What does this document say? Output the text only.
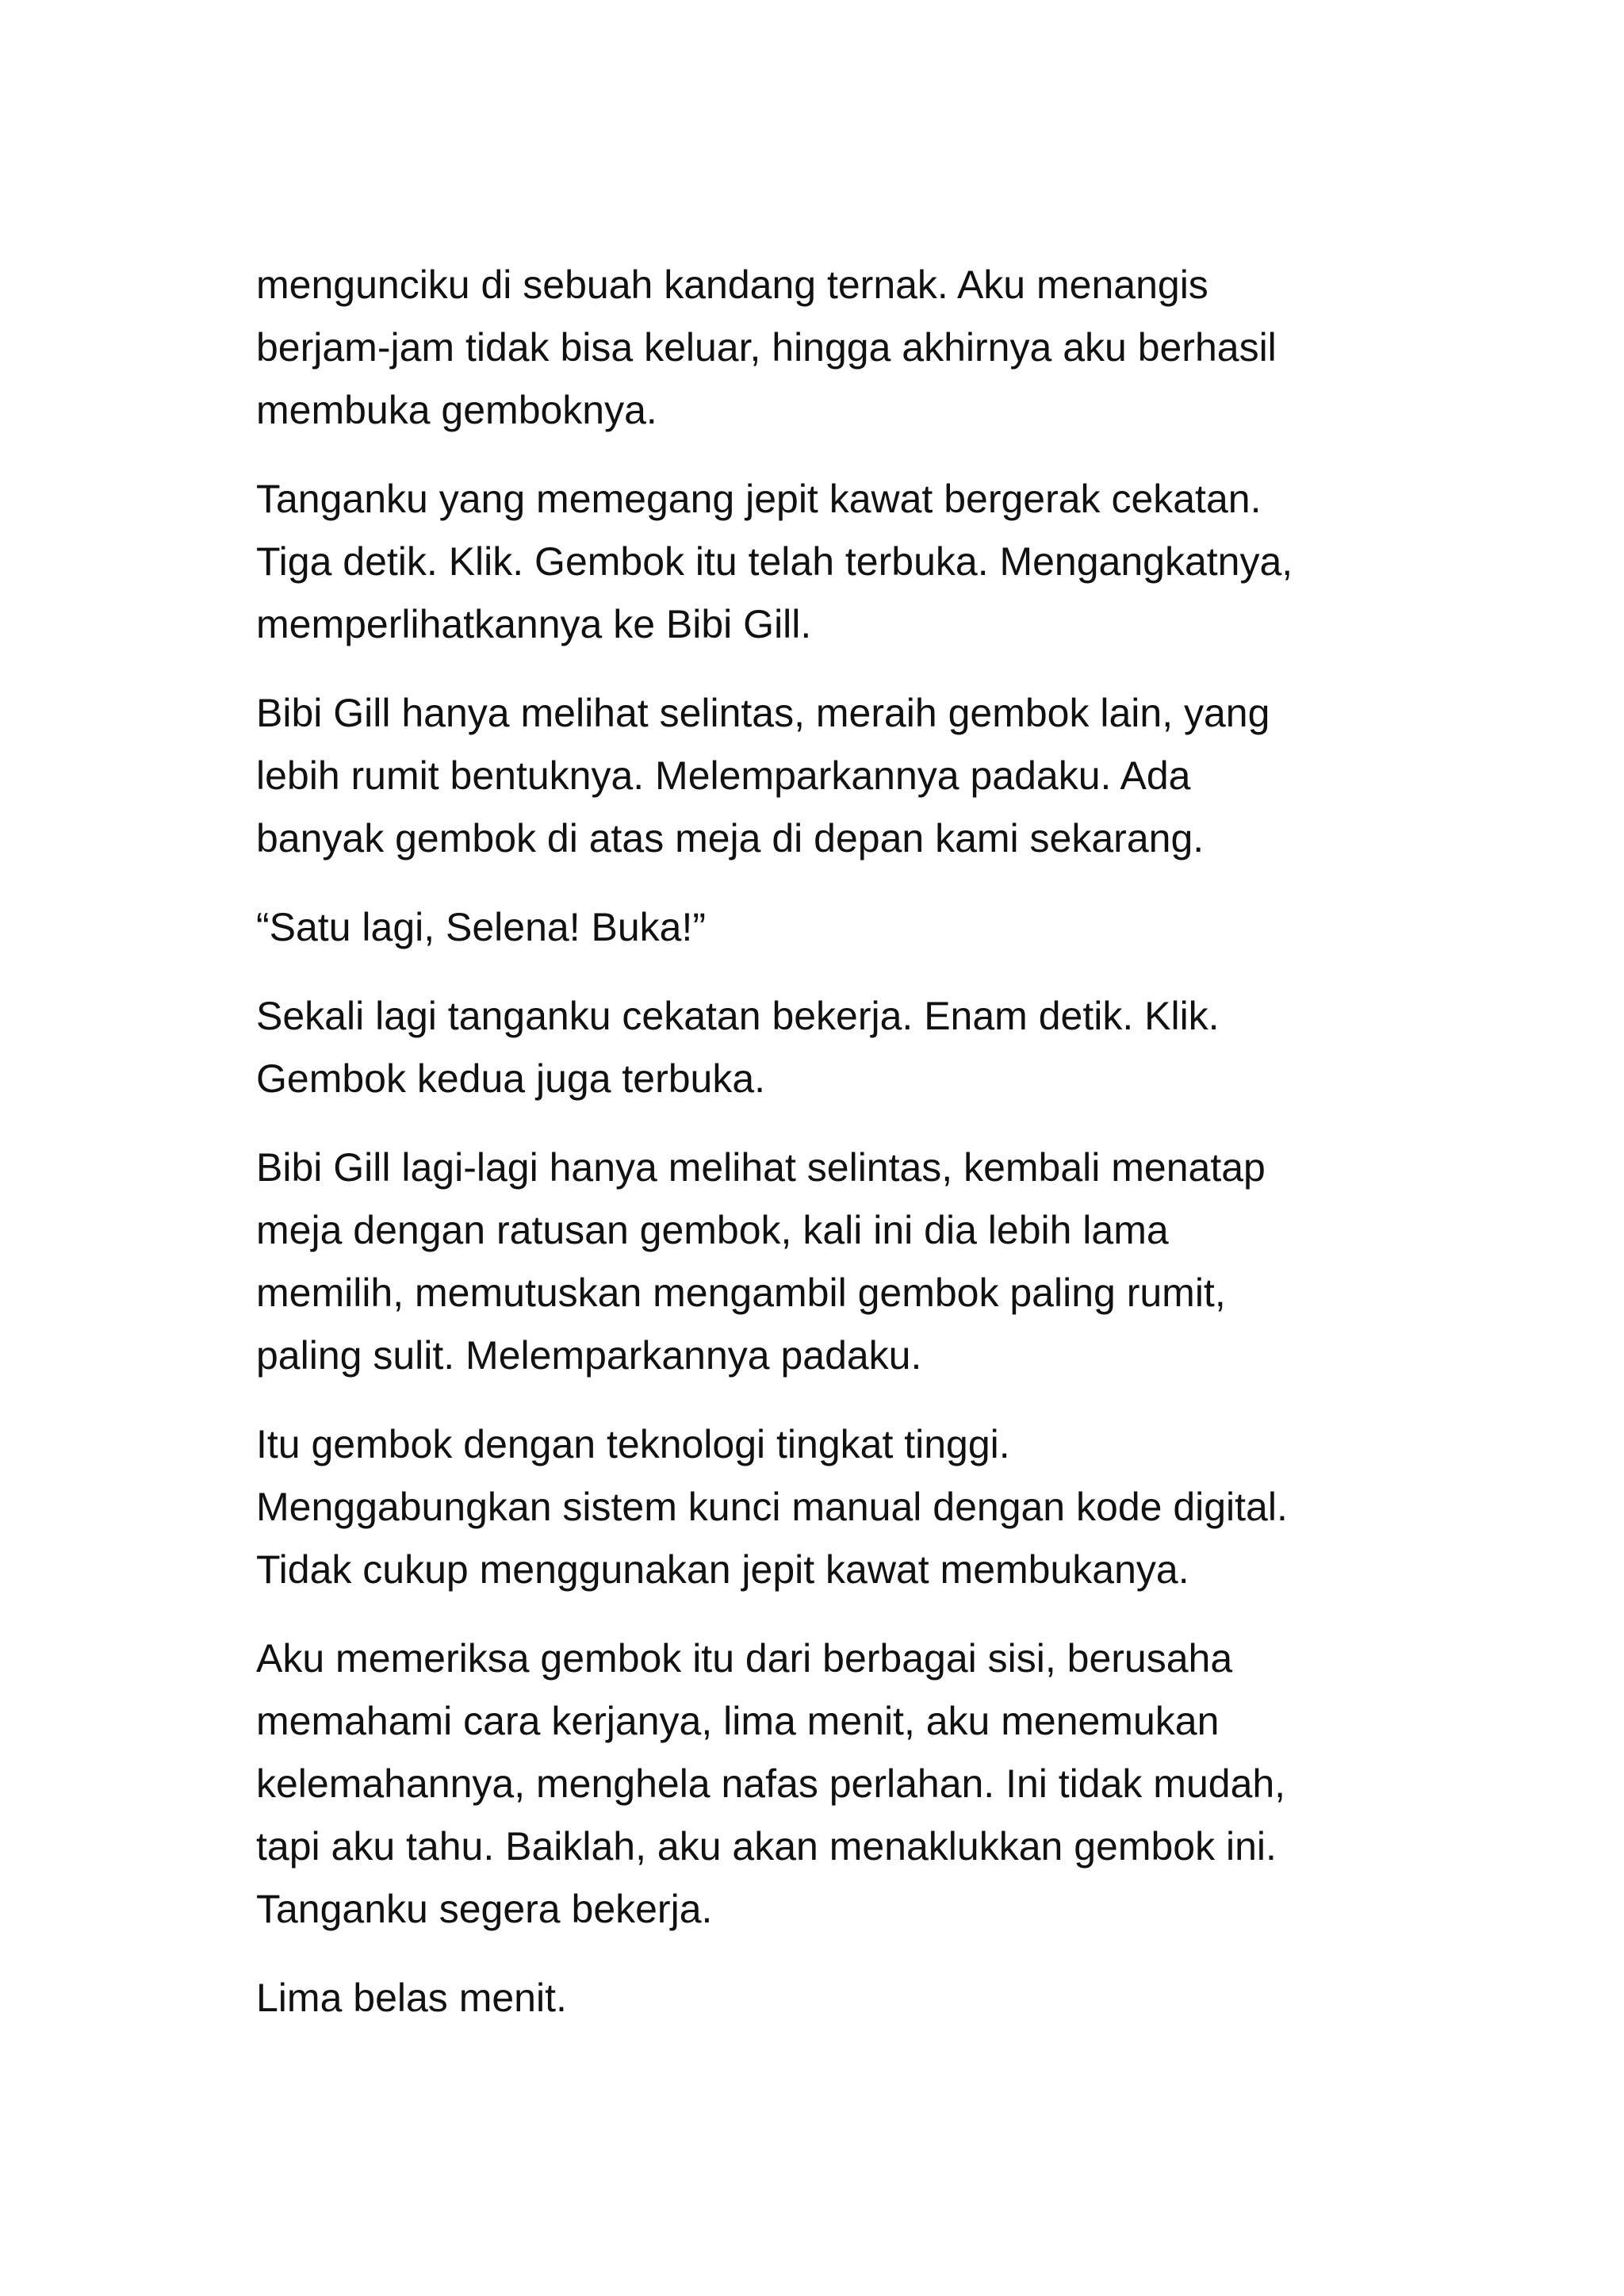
mengunciku di sebuah kandang ternak. Aku menangis
berjam-jam tidak bisa keluar, hingga akhirnya aku berhasil
membuka gemboknya.

Tanganku yang memegang jepit kawat bergerak cekatan.
Tiga detik. Klik. Gembok itu telah terbuka. Mengangkatnya,
memperlihatkannya ke Bibi Gill.

Bibi Gill hanya melihat selintas, meraih gembok lain, yang
lebih rumit bentuknya. Melemparkannya padaku. Ada
banyak gembok di atas meja di depan kami sekarang.

“Satu lagi, Selena! Buka!”

Sekali lagi tanganku cekatan bekerja. Enam detik. Klik.
Gembok kedua juga terbuka.

Bibi Gill lagi-lagi hanya melihat selintas, kembali menatap
meja dengan ratusan gembok, kali ini dia lebih lama
memilih, memutuskan mengambil gembok paling rumit,
paling sulit. Melemparkannya padaku.

Itu gembok dengan teknologi tingkat tinggi.
Menggabungkan sistem kunci manual dengan kode digital.
Tidak cukup menggunakan jepit kawat membukanya.

Aku memeriksa gembok itu dari berbagai sisi, berusaha
memahami cara kerjanya, lima menit, aku menemukan
kelemahannya, menghela nafas perlahan. Ini tidak mudah,
tapi aku tahu. Baiklah, aku akan menaklukkan gembok ini.
Tanganku segera bekerja.

Lima belas menit.
